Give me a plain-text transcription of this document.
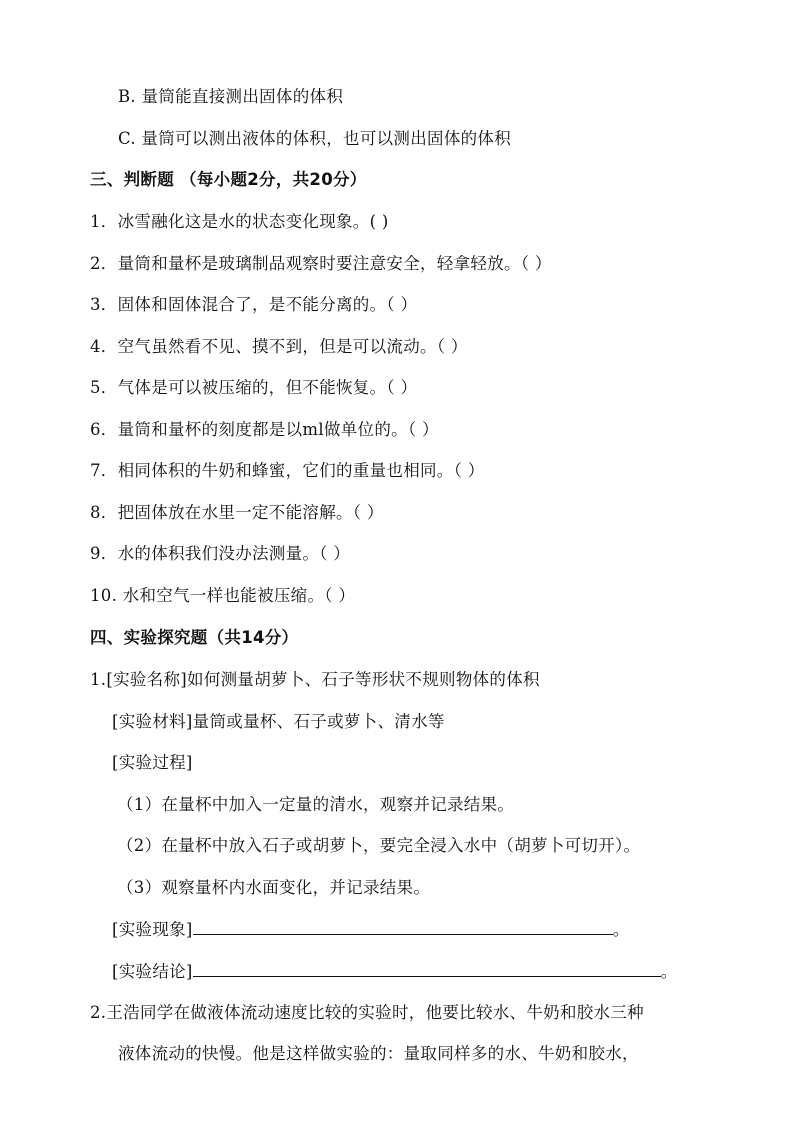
B. 量筒能直接测出固体的体积
C. 量筒可以测出液体的体积，也可以测出固体的体积
三、判断题 （每小题2分，共20分）
1．冰雪融化这是水的状态变化现象。( )
2．量筒和量杯是玻璃制品观察时要注意安全，轻拿轻放。（ ）
3．固体和固体混合了，是不能分离的。（ ）
4．空气虽然看不见、摸不到，但是可以流动。（ ）
5．气体是可以被压缩的，但不能恢复。（ ）
6．量筒和量杯的刻度都是以ml做单位的。（ ）
7．相同体积的牛奶和蜂蜜，它们的重量也相同。（ ）
8．把固体放在水里一定不能溶解。（ ）
9．水的体积我们没办法测量。（ ）
10. 水和空气一样也能被压缩。（ ）
四、实验探究题（共14分）
1.[实验名称]如何测量胡萝卜、石子等形状不规则物体的体积
[实验材料]量筒或量杯、石子或萝卜、清水等
[实验过程]
（1）在量杯中加入一定量的清水，观察并记录结果。
（2）在量杯中放入石子或胡萝卜，要完全浸入水中（胡萝卜可切开）。
（3）观察量杯内水面变化，并记录结果。
[实验现象]	。
[实验结论]	。
2.王浩同学在做液体流动速度比较的实验时，他要比较水、牛奶和胶水三种
液体流动的快慢。他是这样做实验的：量取同样多的水、牛奶和胶水，
